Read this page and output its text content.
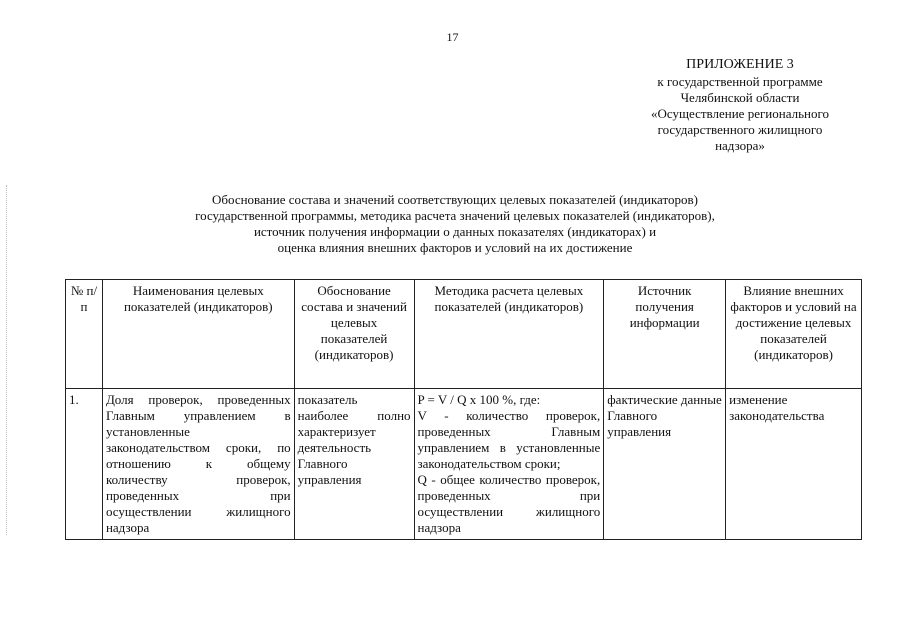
17
ПРИЛОЖЕНИЕ 3
к государственной программе
Челябинской области
«Осуществление регионального
государственного жилищного
надзора»
Обоснование состава и значений соответствующих целевых показателей (индикаторов)
государственной программы, методика расчета значений целевых показателей (индикаторов),
источник получения информации о данных показателях (индикаторах) и
оценка влияния внешних факторов и условий на их достижение
№ п/п	Наименования целевых показателей (индикаторов)	Обоснование состава и значений целевых показателей (индикаторов)	Методика расчета целевых показателей (индикаторов)	Источник получения информации	Влияние внешних факторов и условий на достижение целевых показателей (индикаторов)
1.	Доля проверок, проведенных Главным управлением в установленные законодательством сроки, по отношению к общему количеству проверок, проведенных при осуществлении жилищного надзора	показатель наиболее полно характеризует деятельность Главного управления	P = V / Q x 100 %, где:
V - количество проверок, проведенных Главным управлением в установленные законодательством сроки;
Q - общее количество проверок, проведенных при осуществлении жилищного надзора	фактические данные Главного управления	изменение законодательства
